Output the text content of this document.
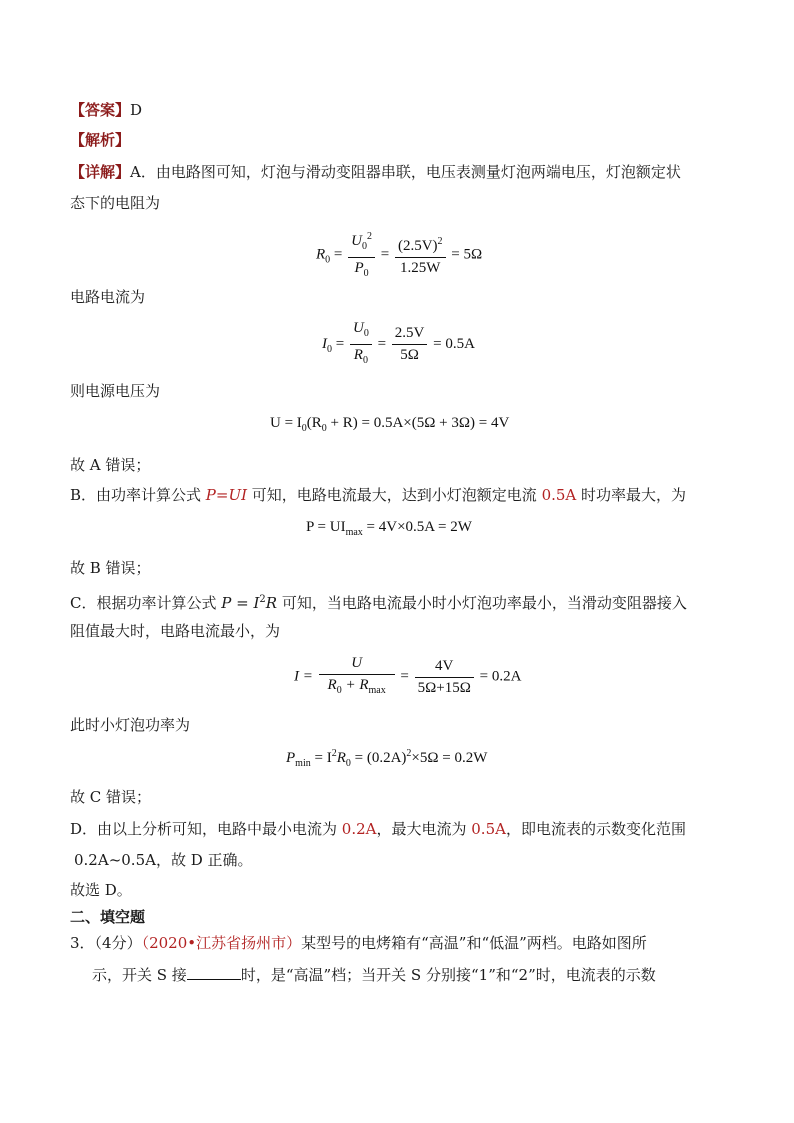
【答案】D
【解析】
【详解】A．由电路图可知，灯泡与滑动变阻器串联，电压表测量灯泡两端电压，灯泡额定状
态下的电阻为
$R_0 = \frac{U_0^2}{P_0} = \frac{(2.5V)^2}{1.25W} = 5\Omega$
电路电流为
$I_0 = \frac{U_0}{R_0} = \frac{2.5V}{5\Omega} = 0.5A$
则电源电压为
$U = I_0(R_0 + R) = 0.5A\times(5\Omega + 3\Omega) = 4V$
故 A 错误；
B．由功率计算公式 P=UI 可知，电路电流最大，达到小灯泡额定电流 0.5A 时功率最大，为
$P = UI_{max} = 4V\times 0.5A = 2W$
故 B 错误；
C．根据功率计算公式 $P = I^2R$ 可知，当电路电流最小时小灯泡功率最小，当滑动变阻器接入
阻值最大时，电路电流最小，为
$I = \frac{U}{R_0 + R_{max}} = \frac{4V}{5\Omega+15\Omega} = 0.2A$
此时小灯泡功率为
$P_{min} = I^2R_0 = (0.2A)^2\times 5\Omega = 0.2W$
故 C 错误；
D．由以上分析可知，电路中最小电流为 0.2A，最大电流为 0.5A，即电流表的示数变化范围
0.2A~0.5A，故 D 正确。
故选 D。
二、填空题
3．（4分）（2020•江苏省扬州市）某型号的电烤箱有“高温”和“低温”两档。电路如图所
示，开关 S 接	时，是“高温”档；当开关 S 分别接“1”和“2”时，电流表的示数
